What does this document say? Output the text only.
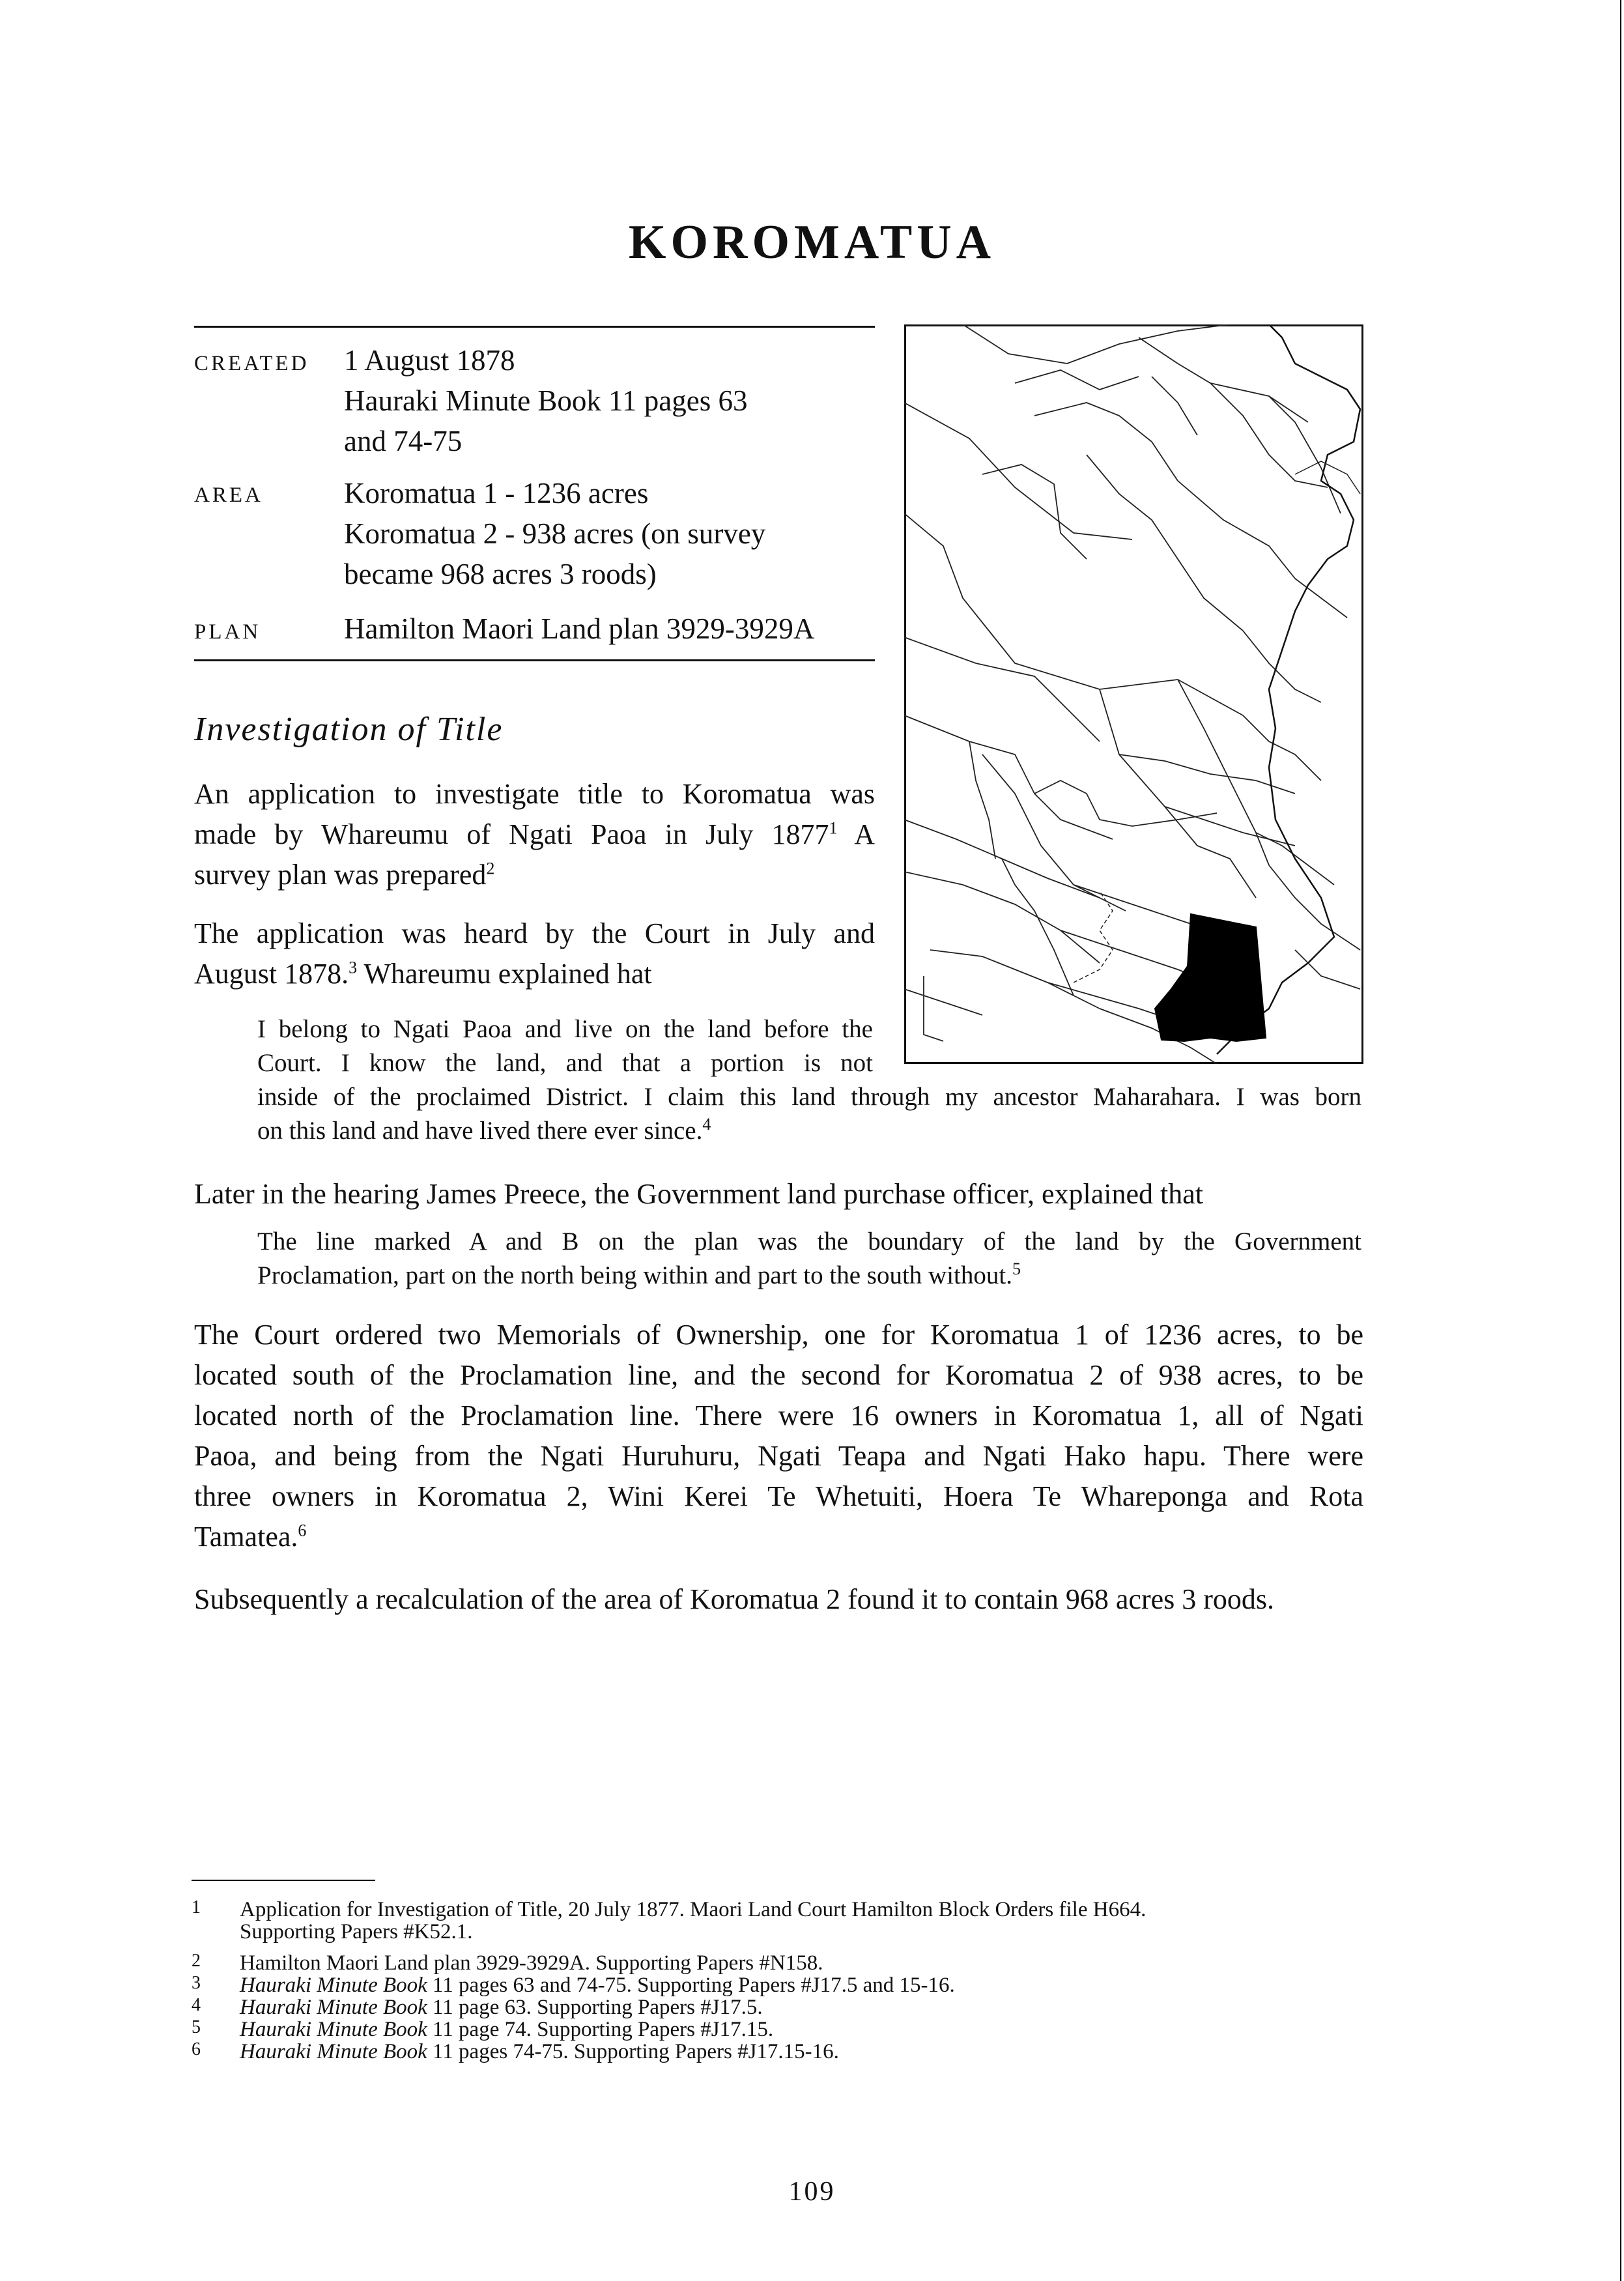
KOROMATUA
CREATED 1 August 1878
Hauraki Minute Book 11 pages 63
and 74-75
AREA	Koromatua 1 - 1236 acres
Koromatua 2 - 938 acres (on survey
became 968 acres 3 roods)
PLAN	Hamilton Maori Land plan 3929-3929A
Investigation of Title
An application to investigate title to Koromatua was
made by Whareumu of Ngati Paoa in July 1877$^1$ A
survey plan was prepared$^2$
The application was heard by the Court in July and
August 1878.$^3$ Whareumu explained hat
I belong to Ngati Paoa and live on the land before the
Court. I know the land, and that a portion is not
inside of the proclaimed District. I claim this land through my ancestor Maharahara. I was born
on this land and have lived there ever since.$^4$
Later in the hearing James Preece, the Government land purchase officer, explained that
The line marked A and B on the plan was the boundary of the land by the Government
Proclamation, part on the north being within and part to the south without.$^5$
The Court ordered two Memorials of Ownership, one for Koromatua 1 of 1236 acres, to be
located south of the Proclamation line, and the second for Koromatua 2 of 938 acres, to be
located north of the Proclamation line. There were 16 owners in Koromatua 1, all of Ngati
Paoa, and being from the Ngati Huruhuru, Ngati Teapa and Ngati Hako hapu. There were
three owners in Koromatua 2, Wini Kerei Te Whetuiti, Hoera Te Whareponga and Rota
Tamatea.$^6$
Subsequently a recalculation of the area of Koromatua 2 found it to contain 968 acres 3 roods.
1 Application for Investigation of Title, 20 July 1877. Maori Land Court Hamilton Block Orders file H664.
Supporting Papers #K52.1.
2 Hamilton Maori Land plan 3929-3929A. Supporting Papers #N158.
3 Hauraki Minute Book 11 pages 63 and 74-75. Supporting Papers #J17.5 and 15-16.
4 Hauraki Minute Book 11 page 63. Supporting Papers #J17.5.
5 Hauraki Minute Book 11 page 74. Supporting Papers #J17.15.
6 Hauraki Minute Book 11 pages 74-75. Supporting Papers #J17.15-16.
109
